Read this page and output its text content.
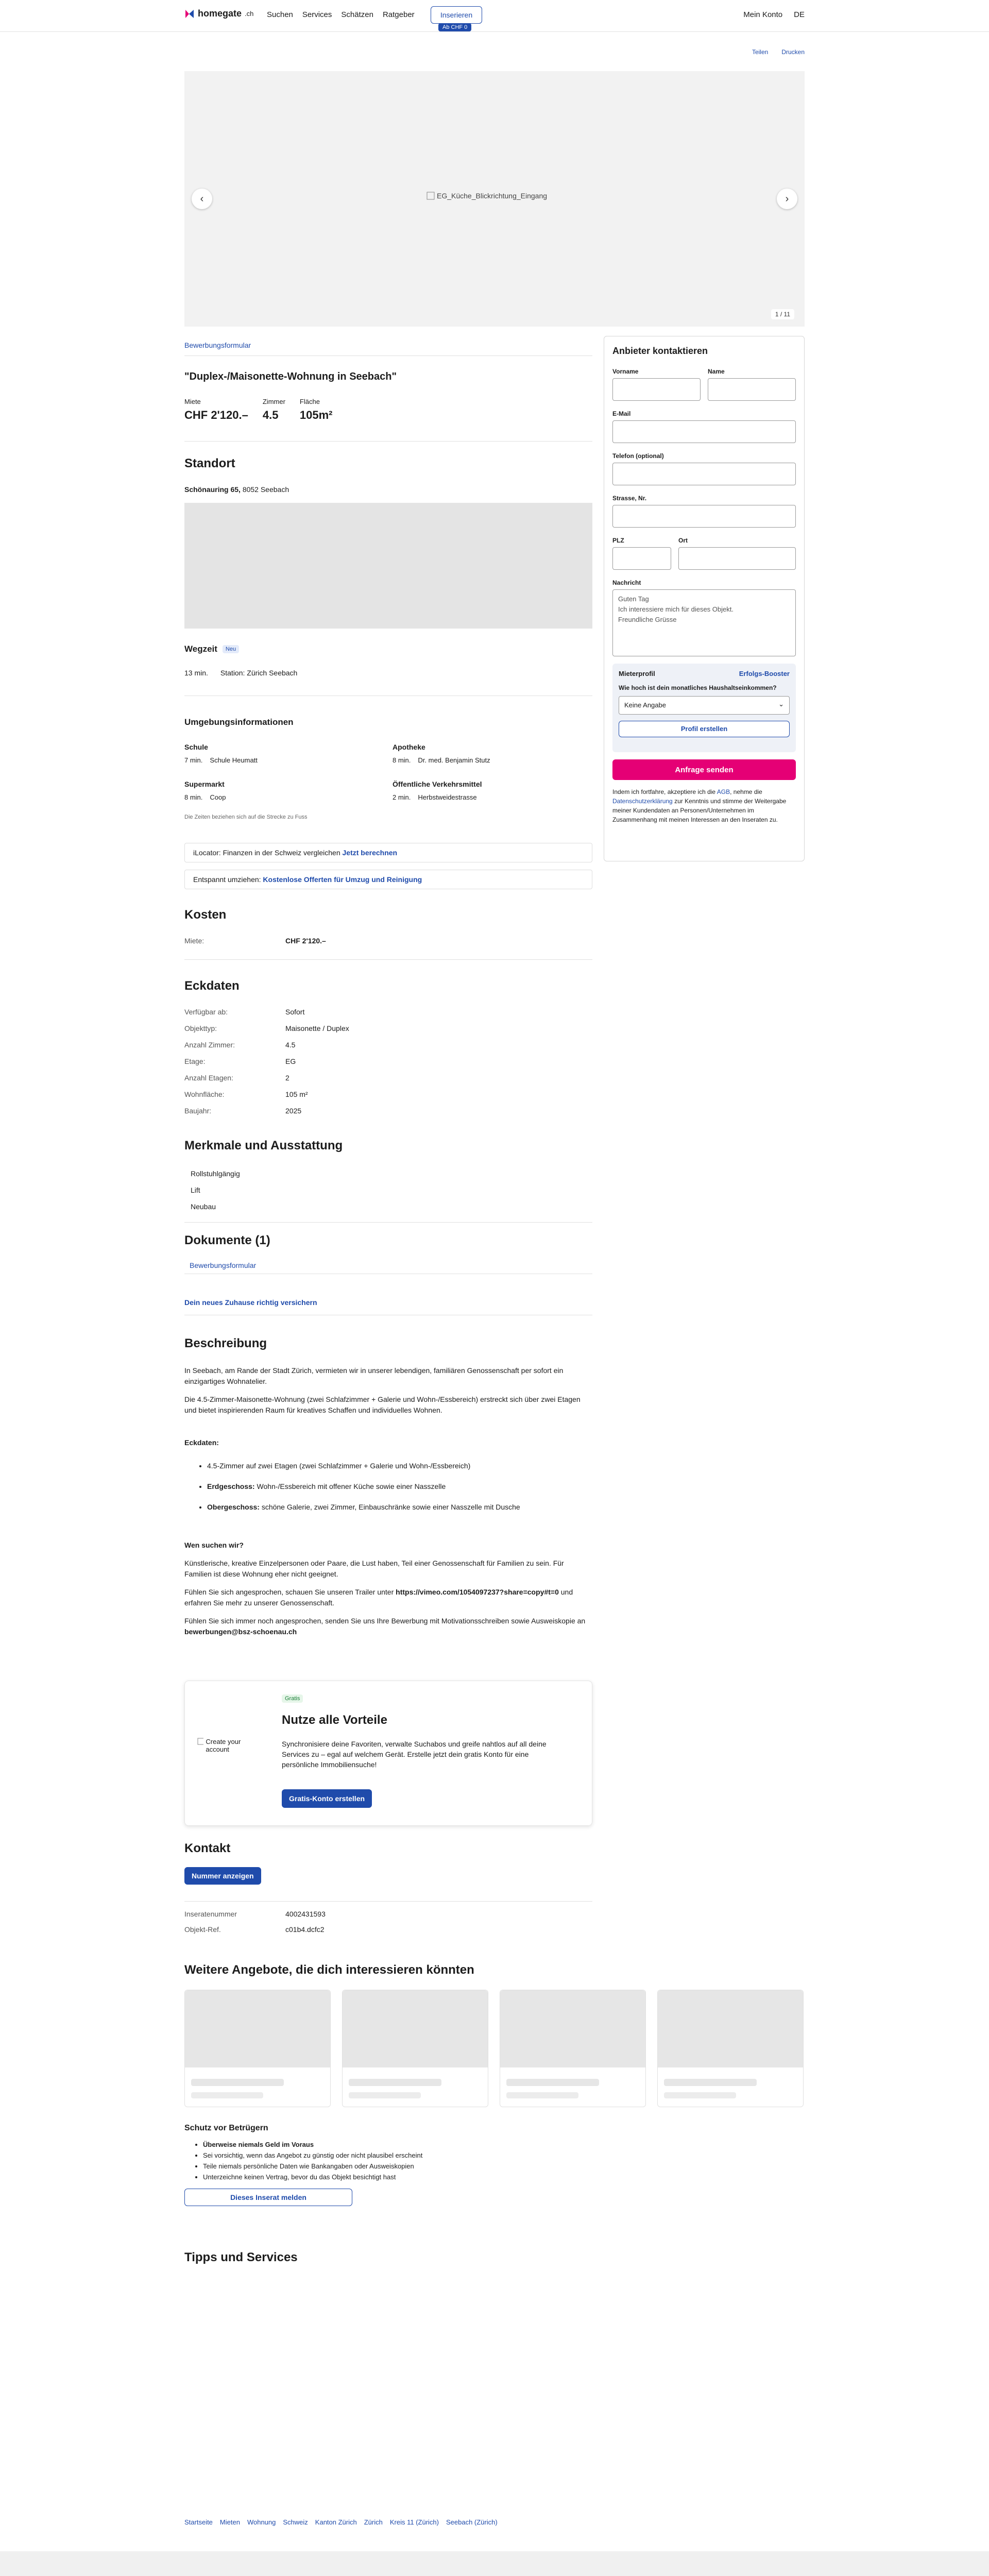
homegate .ch Suchen Services Schätzen Ratgeber	Inserieren
Ab CHF 0
Mein Konto DE
Teilen Drucken
EG_Küche_Blickrichtung_Eingang
‹	›
1 / 11
Bewerbungsformular
"Duplex-/Maisonette-Wohnung in Seebach"
Miete
CHF 2'120.–
Zimmer
4.5
Fläche
105m²
Standort
Schönauring 65, 8052 Seebach
Wegzeit	Neu
13 min. Station: Zürich Seebach
Umgebungsinformationen
Schule
7 min. Schule Heumatt
Apotheke
8 min. Dr. med. Benjamin Stutz
Supermarkt
8 min. Coop
Öffentliche Verkehrsmittel
2 min. Herbstweidestrasse
Die Zeiten beziehen sich auf die Strecke zu Fuss
iLocator: Finanzen in der Schweiz vergleichen Jetzt berechnen
Entspannt umziehen: Kostenlose Offerten für Umzug und Reinigung
Kosten
Miete:	CHF 2'120.–
Eckdaten
Verfügbar ab:	Sofort
Objekttyp:	Maisonette / Duplex
Anzahl Zimmer:	4.5
Etage:	EG
Anzahl Etagen:	2
Wohnfläche:	105 m²
Baujahr:	2025
Merkmale und Ausstattung
Rollstuhlgängig
Lift
Neubau
Dokumente (1)
Bewerbungsformular
Dein neues Zuhause richtig versichern
Beschreibung

In Seebach, am Rande der Stadt Zürich, vermieten wir in unserer lebendigen, familiären Genossenschaft per sofort ein einzigartiges Wohnatelier.

Die 4.5-Zimmer-Maisonette-Wohnung (zwei Schlafzimmer + Galerie und Wohn-/Essbereich) erstreckt sich über zwei Etagen und bietet inspirierenden Raum für kreatives Schaffen und individuelles Wohnen.

Eckdaten:

• 4.5-Zimmer auf zwei Etagen (zwei Schlafzimmer + Galerie und Wohn-/Essbereich)
• Erdgeschoss: Wohn-/Essbereich mit offener Küche sowie einer Nasszelle
• Obergeschoss: schöne Galerie, zwei Zimmer, Einbauschränke sowie einer Nasszelle mit Dusche

Wen suchen wir?

Künstlerische, kreative Einzelpersonen oder Paare, die Lust haben, Teil einer Genossenschaft für Familien zu sein. Für Familien ist diese Wohnung eher nicht geeignet.

Fühlen Sie sich angesprochen, schauen Sie unseren Trailer unter https://vimeo.com/1054097237?share=copy#t=0 und erfahren Sie mehr zu unserer Genossenschaft.

Fühlen Sie sich immer noch angesprochen, senden Sie uns Ihre Bewerbung mit Motivationsschreiben sowie Ausweiskopie an bewerbungen@bsz-schoenau.ch

Create your account
Gratis
Nutze alle Vorteile
Synchronisiere deine Favoriten, verwalte Suchabos und greife nahtlos auf all deine Services zu – egal auf welchem Gerät. Erstelle jetzt dein gratis Konto für eine persönliche Immobiliensuche!
Gratis-Konto erstellen
Kontakt
Nummer anzeigen
Inseratenummer	4002431593
Objekt-Ref.	c01b4.dcfc2
Anbieter kontaktieren
Vorname	Name
E-Mail
Telefon (optional)
Strasse, Nr.
PLZ	Ort
Nachricht
Guten Tag
Ich interessiere mich für dieses Objekt.
Freundliche Grüsse
Mieterprofil	Erfolgs-Booster
Wie hoch ist dein monatliches Haushaltseinkommen?
Keine Angabe	⌄
Profil erstellen
Anfrage senden

Indem ich fortfahre, akzeptiere ich die AGB, nehme die Datenschutzerklärung zur Kenntnis und stimme der Weitergabe meiner Kundendaten an Personen/Unternehmen im Zusammenhang mit meinen Interessen an den Inseraten zu.

Weitere Angebote, die dich interessieren könnten
Schutz vor Betrügern
• Überweise niemals Geld im Voraus
• Sei vorsichtig, wenn das Angebot zu günstig oder nicht plausibel erscheint
• Teile niemals persönliche Daten wie Bankangaben oder Ausweiskopien
• Unterzeichne keinen Vertrag, bevor du das Objekt besichtigt hast
Dieses Inserat melden
Tipps und Services
Startseite Mieten Wohnung Schweiz Kanton Zürich Zürich Kreis 11 (Zürich) Seebach (Zürich)
